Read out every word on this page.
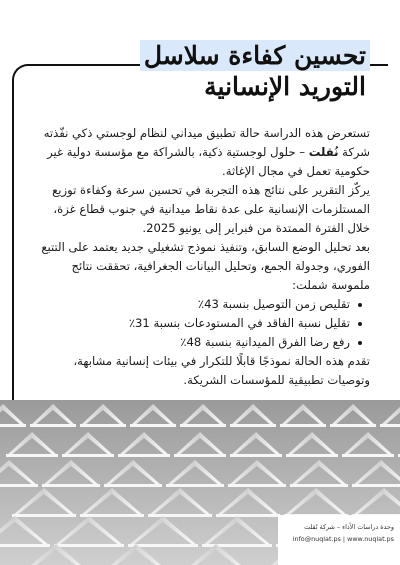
تحسين كفاءة سلاسل
التوريد الإنسانية

تستعرض هذه الدراسة حالة تطبيق ميداني لنظام لوجستي ذكي نفّذته شركة نُقلت – حلول لوجستية ذكية، بالشراكة مع مؤسسة دولية غير حكومية تعمل في مجال الإغاثة.

يركّز التقرير على نتائج هذه التجربة في تحسين سرعة وكفاءة توزيع المستلزمات الإنسانية على عدة نقاط ميدانية في جنوب قطاع غزة، خلال الفترة الممتدة من فبراير إلى يونيو 2025.

بعد تحليل الوضع السابق، وتنفيذ نموذج تشغيلي جديد يعتمد على التتبع الفوري، وجدولة الجمع، وتحليل البيانات الجغرافية، تحققت نتائج ملموسة شملت:

تقليص زمن التوصيل بنسبة 43٪
تقليل نسبة الفاقد في المستودعات بنسبة 31٪
رفع رضا الفرق الميدانية بنسبة 48٪

تقدم هذه الحالة نموذجًا قابلًا للتكرار في بيئات إنسانية مشابهة، وتوصيات تطبيقية للمؤسسات الشريكة.

وحدة دراسات الأداء – شركة نُقلت
info@nuqlat.ps | www.nuqlat.ps
